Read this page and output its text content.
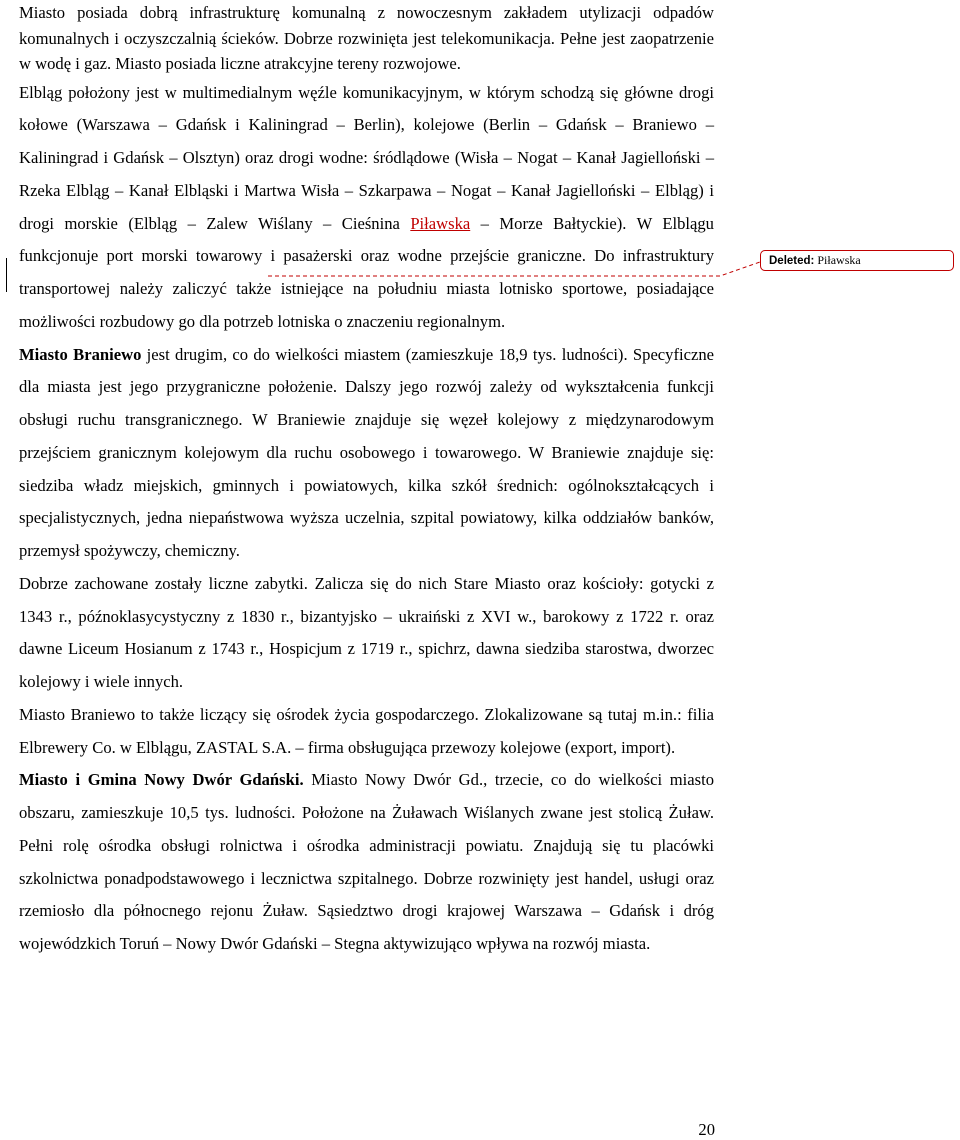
Miasto posiada dobrą infrastrukturę komunalną z nowoczesnym zakładem utylizacji odpadów komunalnych i oczyszczalnią ścieków. Dobrze rozwinięta jest telekomunikacja. Pełne jest zaopatrzenie w wodę i gaz. Miasto posiada liczne atrakcyjne tereny rozwojowe.

Elbląg położony jest w multimedialnym węźle komunikacyjnym, w którym schodzą się główne drogi kołowe (Warszawa – Gdańsk i Kaliningrad – Berlin), kolejowe (Berlin – Gdańsk – Braniewo – Kaliningrad i Gdańsk – Olsztyn) oraz drogi wodne: śródlądowe (Wisła – Nogat – Kanał Jagielloński – Rzeka Elbląg – Kanał Elbląski i Martwa Wisła – Szkarpawa – Nogat – Kanał Jagielloński – Elbląg) i drogi morskie (Elbląg – Zalew Wiślany – Cieśnina Piławska – Morze Bałtyckie). W Elblągu funkcjonuje port morski towarowy i pasażerski oraz wodne przejście graniczne. Do infrastruktury transportowej należy zaliczyć także istniejące na południu miasta lotnisko sportowe, posiadające możliwości rozbudowy go dla potrzeb lotniska o znaczeniu regionalnym.

Miasto Braniewo jest drugim, co do wielkości miastem (zamieszkuje 18,9 tys. ludności). Specyficzne dla miasta jest jego przygraniczne położenie. Dalszy jego rozwój zależy od wykształcenia funkcji obsługi ruchu transgranicznego. W Braniewie znajduje się węzeł kolejowy z międzynarodowym przejściem granicznym kolejowym dla ruchu osobowego i towarowego. W Braniewie znajduje się: siedziba władz miejskich, gminnych i powiatowych, kilka szkół średnich: ogólnokształcących i specjalistycznych, jedna niepaństwowa wyższa uczelnia, szpital powiatowy, kilka oddziałów banków, przemysł spożywczy, chemiczny.

Dobrze zachowane zostały liczne zabytki. Zalicza się do nich Stare Miasto oraz kościoły: gotycki z 1343 r., późnoklasycystyczny z 1830 r., bizantyjsko – ukraiński z XVI w., barokowy z 1722 r. oraz dawne Liceum Hosianum z 1743 r., Hospicjum z 1719 r., spichrz, dawna siedziba starostwa, dworzec kolejowy i wiele innych.

Miasto Braniewo to także liczący się ośrodek życia gospodarczego. Zlokalizowane są tutaj m.in.: filia Elbrewery Co. w Elblągu, ZASTAL S.A. – firma obsługująca przewozy kolejowe (export, import).

Miasto i Gmina Nowy Dwór Gdański. Miasto Nowy Dwór Gd., trzecie, co do wielkości miasto obszaru, zamieszkuje 10,5 tys. ludności. Położone na Żuławach Wiślanych zwane jest stolicą Żuław. Pełni rolę ośrodka obsługi rolnictwa i ośrodka administracji powiatu. Znajdują się tu placówki szkolnictwa ponadpodstawowego i lecznictwa szpitalnego. Dobrze rozwinięty jest handel, usługi oraz rzemiosło dla północnego rejonu Żuław. Sąsiedztwo drogi krajowej Warszawa – Gdańsk i dróg wojewódzkich Toruń – Nowy Dwór Gdański – Stegna aktywizująco wpływa na rozwój miasta.

Deleted: Piławska
20
